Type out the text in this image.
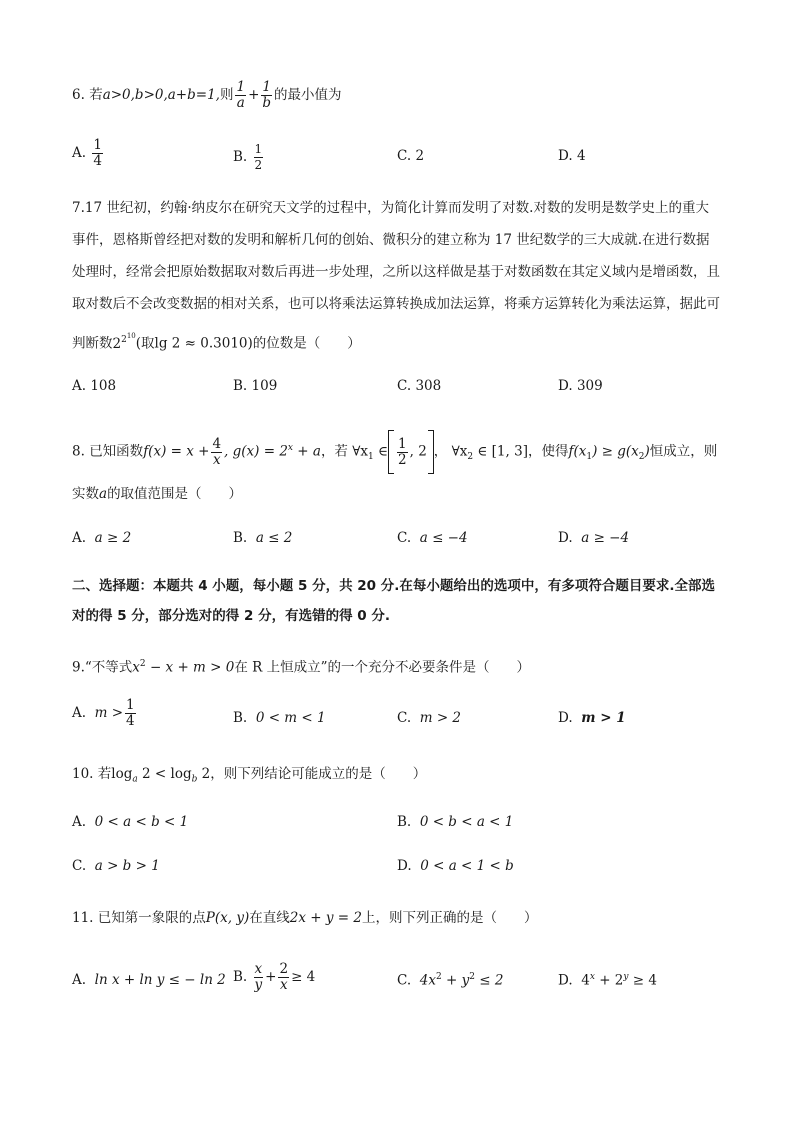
6. 若a>0,b>0,a+b=1,则 $\frac{1}{a} + \frac{1}{b}$ 的最小值为
A. $\frac{1}{4}$	B. $\frac{1}{2}$	C. 2	D. 4
7.17 世纪初，约翰·纳皮尔在研究天文学的过程中，为简化计算而发明了对数.对数的发明是数学史上的重大事件，恩格斯曾经把对数的发明和解析几何的创始、微积分的建立称为 17 世纪数学的三大成就.在进行数据处理时，经常会把原始数据取对数后再进一步处理，之所以这样做是基于对数函数在其定义域内是增函数，且取对数后不会改变数据的相对关系，也可以将乘法运算转换成加法运算，将乘方运算转化为乘法运算，据此可判断数$2^{2^{10}}$(取lg 2 ≈ 0.3010)的位数是（　　）
A. 108	B. 109	C. 308	D. 309
8. 已知函数$f(x) = x + \frac{4}{x}$ , $g(x) = 2^x + a$，若 $\forall x_1$ ∈ $\frac{1}{2}$ , 2 ， $\forall x_2$ ∈ [1, 3]，使得$f(x_1) \ge g(x_2)$恒成立，则
实数a的取值范围是（　　）
A. a ≥ 2	B. a ≤ 2	C. a ≤ −4	D. a ≥ −4
二、选择题：本题共 4 小题，每小题 5 分，共 20 分.在每小题给出的选项中，有多项符合题目要求.全部选对的得 5 分，部分选对的得 2 分，有选错的得 0 分.
9.“不等式$x^2 - x + m > 0$在 R 上恒成立”的一个充分不必要条件是（　　）
A. $m > \frac{1}{4}$	B. 0 < m < 1	C. m > 2	D. m > 1
10. 若$\log_a 2 < \log_b 2$，则下列结论可能成立的是（　　）
A. 0 < a < b < 1	B. 0 < b < a < 1
C. a > b > 1	D. 0 < a < 1 < b
11. 已知第一象限的点P(x, y)在直线2x + y = 2上，则下列正确的是（　　）
A. ln x + ln y ≤ − ln 2 B. $\frac{x}{y} + \frac{2}{x} \ge 4$	C. $4x^2 + y^2 \le 2$	D. $4^x + 2^y \ge 4$
